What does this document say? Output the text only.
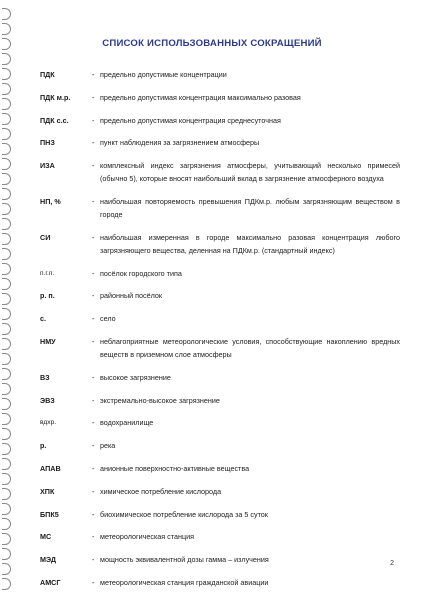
СПИСОК ИСПОЛЬЗОВАННЫХ СОКРАЩЕНИЙ
ПДК	- предельно допустимые концентрации
ПДК м.р.	- предельно допустимая концентрация максимально разовая
ПДК с.с.	- предельно допустимая концентрация среднесуточная
ПНЗ	- пункт наблюдения за загрязнением атмосферы
ИЗА	- комплексный индекс загрязнения атмосферы, учитывающий несколько примесей (обычно 5), которые вносят наибольший вклад в загрязнение атмосферного воздуха
НП, %	- наибольшая повторяемость превышения ПДКм.р. любым загрязняющим веществом в городе
СИ	- наибольшая измеренная в городе максимально разовая концентрация любого загрязняющего вещества, деленная на ПДКм.р. (стандартный индекс)
п.г.п.	- посёлок городского типа
р. п.	- районный посёлок
с.	- село
НМУ	- неблагоприятные метеорологические условия, способствующие накоплению вредных веществ в приземном слое атмосферы
ВЗ	- высокое загрязнение
ЭВЗ	- экстремально-высокое загрязнение
вдхр.	- водохранилище
р.	- река
АПАВ	- анионные поверхностно-активные вещества
ХПК	- химическое потребление кислорода
БПК5	- биохимическое потребление кислорода за 5 суток
МС	- метеорологическая станция
МЭД	- мощность эквивалентной дозы гамма – излучения
АМСГ	- метеорологическая станция гражданской авиации
2
